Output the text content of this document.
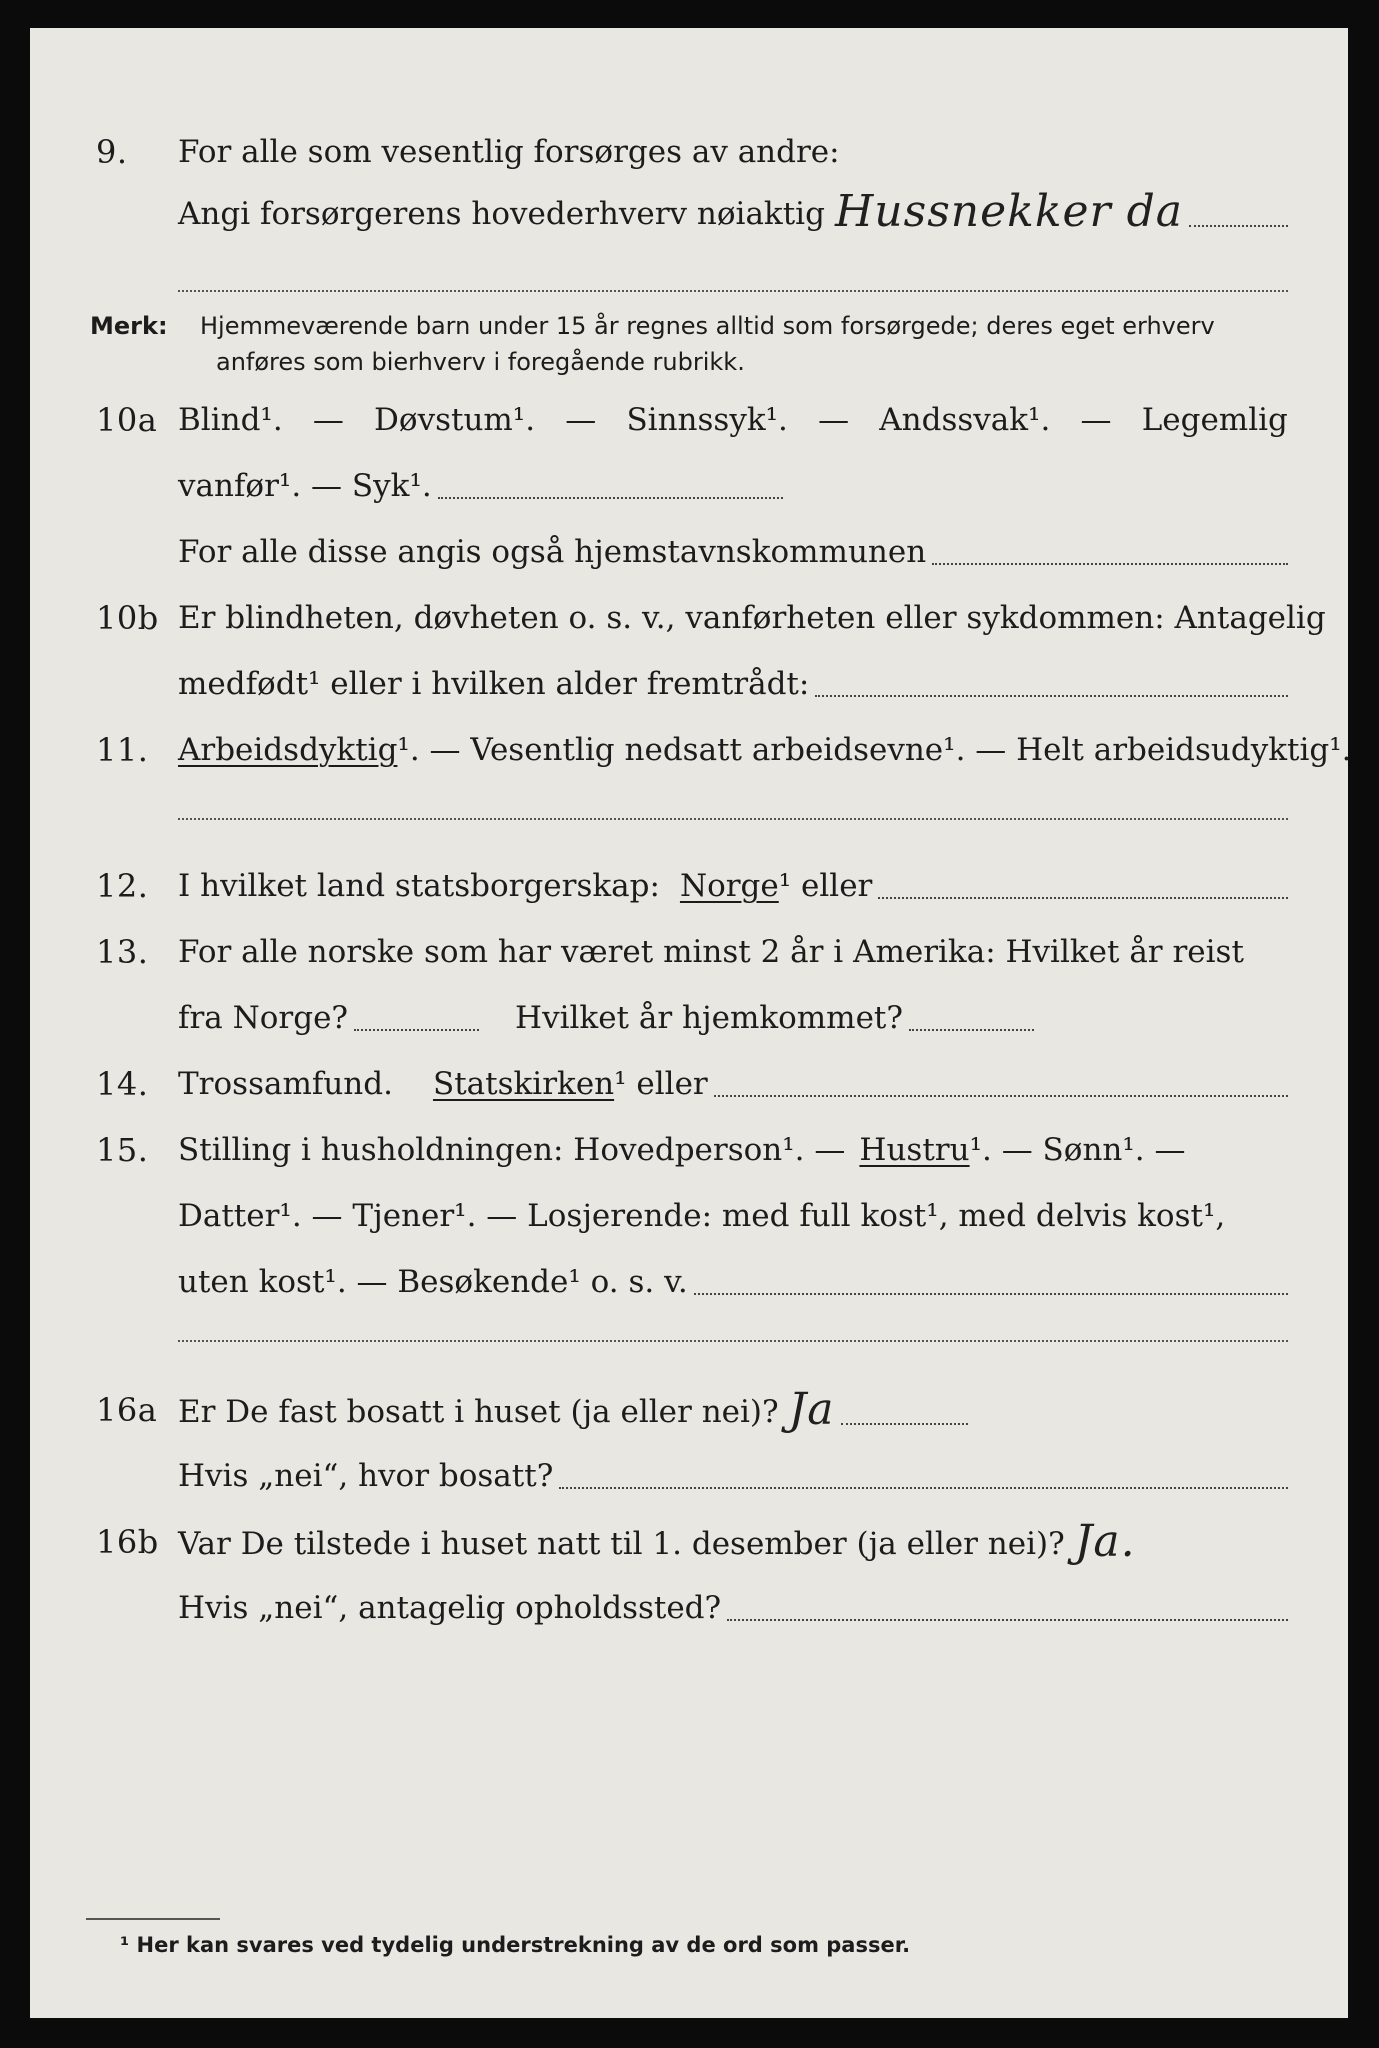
9. For alle som vesentlig forsørges av andre:
Angi forsørgerens hovederhverv nøiaktig Hussnekker da
Merk: Hjemmeværende barn under 15 år regnes alltid som forsørgede; deres eget erhverv
anføres som bierhverv i foregående rubrikk.
10a Blind¹. — Døvstum¹. — Sinnssyk¹. — Andssvak¹. — Legemlig
vanfør¹. — Syk¹.
For alle disse angis også hjemstavnskommunen
10b Er blindheten, døvheten o. s. v., vanførheten eller sykdommen: Antagelig
medfødt¹ eller i hvilken alder fremtrådt:
11. Arbeidsdyktig ¹. — Vesentlig nedsatt arbeidsevne¹. — Helt arbeidsudyktig¹.
12. I hvilket land statsborgerskap: Norge ¹ eller
13. For alle norske som har været minst 2 år i Amerika: Hvilket år reist
fra Norge?	Hvilket år hjemkommet?
14. Trossamfund. Statskirken ¹ eller
15. Stilling i husholdningen: Hovedperson¹. — Hustru ¹. — Sønn¹. —
Datter¹. — Tjener¹. — Losjerende: med full kost¹, med delvis kost¹,
uten kost¹. — Besøkende¹ o. s. v.
16a Er De fast bosatt i huset (ja eller nei)? Ja
Hvis „nei“, hvor bosatt?
16b Var De tilstede i huset natt til 1. desember (ja eller nei)? Ja.
Hvis „nei“, antagelig opholdssted?
¹ Her kan svares ved tydelig understrekning av de ord som passer.
